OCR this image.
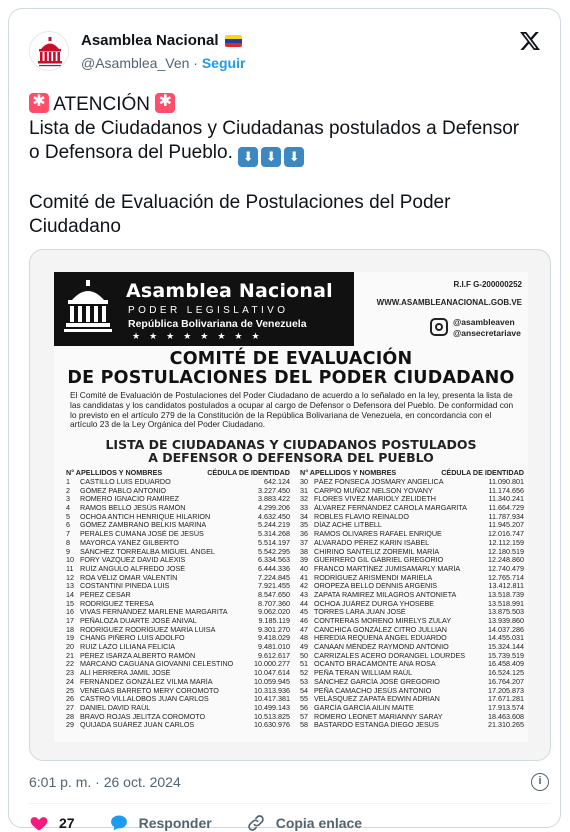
Asamblea Nacional
@Asamblea_Ven · Seguir
✱ ATENCIÓN ✱
Lista de Ciudadanos y Ciudadanas postulados a Defensor
o Defensora del Pueblo. ⬇ ⬇ ⬇
Comité de Evaluación de Postulaciones del Poder
Ciudadano
Asamblea Nacional
PODER LEGISLATIVO
República Bolivariana de Venezuela
★★★★★★★★
R.I.F G-200000252
WWW.ASAMBLEANACIONAL.GOB.VE
@asambleaven
@ansecretariave
COMITÉ DE EVALUACIÓN
DE POSTULACIONES DEL PODER CIUDADANO
El Comité de Evaluación de Postulaciones del Poder Ciudadano de acuerdo a lo señalado en la ley, presenta la lista de las candidatas y los candidatos postulados a ocupar al cargo de Defensor o Defensora del Pueblo. De conformidad con lo previsto en el artículo 279 de la Constitución de la República Bolivariana de Venezuela, en concordancia con el artículo 23 de la Ley Orgánica del Poder Ciudadano.
LISTA DE CIUDADANAS Y CIUDADANOS POSTULADOS
A DEFENSOR O DEFENSORA DEL PUEBLO
N° APELLIDOS Y NOMBRES	CÉDULA DE IDENTIDAD
1	CASTILLO LUIS EDUARDO	642.124
2	GÓMEZ PABLO ANTONIO	3.227.450
3	ROMERO IGNACIO RAMÍREZ	3.883.422
4	RAMOS BELLO JESÚS RAMÓN	4.299.206
5	OCHOA ANTICH HENRIQUE HILARION	4.632.450
6	GÓMEZ ZAMBRANO BELKIS MARINA	5.244.219
7	PERALES CUMANA JOSÉ DE JESÚS	5.314.268
8	MAYORCA YANEZ GILBERTO	5.514.197
9	SÁNCHEZ TORREALBA MIGUEL ÁNGEL	5.542.295
10 FORY VAZQUEZ DAVID ALEXIS	6.334.563
11 RUÍZ ANGULO ALFREDO JOSÉ	6.444.336
12 ROA VÉLIZ OMAR VALENTÍN	7.224.845
13 COSTANTINI PINEDA LUIS	7.921.455
14 PÉREZ CESAR	8.547.650
15 RODRÍGUEZ TERESA	8.707.360
16 VIVAS FERNÁNDEZ MARLENE MARGARITA	9.062.020
17 PEÑALOZA DUARTE JOSÉ ANIVAL	9.185.119
18 RODRÍGUEZ RODRÍGUEZ MARÍA LUISA	9.301.270
19 CHANG PIÑERO LUIS ADOLFO	9.418.029
20 RUIZ LAZO LILIANA FELICIA	9.481.010
21 PÉREZ ISARZA ALBERTO RAMÓN	9.612.617
22 MARCANO CAGUANA GIOVANNI CELESTINO	10.000.277
23 ALI HERRERA JAMIL JOSÉ	10.047.614
24 FERNÁNDEZ GONZÁLEZ VILMA MARÍA	10.059.945
25 VENEGAS BARRETO MERY COROMOTO	10.313.936
26 CASTRO VILLALOBOS JUAN CARLOS	10.417.381
27 DANIEL DAVID RAÚL	10.499.143
28 BRAVO ROJAS JELITZA COROMOTO	10.513.825
29 QUIJADA SUÁREZ JUAN CARLOS	10.630.976
N° APELLIDOS Y NOMBRES	CÉDULA DE IDENTIDAD
30 PÁEZ FONSECA JOSMARY ANGELICA	11.090.801
31 CARPIO MUÑOZ NELSON YOVANY	11.174.656
32 FLORES VIVEZ MARIOLY ZELIDETH	11.340.241
33 ÁLVAREZ FERNÁNDEZ CAROLA MARGARITA	11.664.729
34 ROBLES FLAVIO REINALDO	11.787.934
35 DÍAZ ACHE LITBELL	11.945.207
36 RAMOS OLIVARES RAFAEL ENRIQUE	12.016.747
37 ALVARADO PÉREZ KARIN ISABEL	12.112.159
38 CHIRINO SANTELIZ ZOREMIL MARÍA	12.180.519
39 GUERRERO GIL GABRIEL GREGORIO	12.248.860
40 FRANCO MARTÍNEZ JUMISAMARLY MARÍA	12.740.479
41 RODRÍGUEZ ARISMENDI MARIELA	12.765.714
42 OROPEZA BELLO DENNIS ARGENIS	13.412.811
43 ZAPATA RAMIREZ MILAGROS ANTONIETA	13.518.739
44 OCHOA JUÁREZ DURGA YHOSEBE	13.518.991
45 TORRES LARA JUAN JOSÉ	13.875.503
46 CONTRERAS MORENO MIRELYS ZULAY	13.939.860
47 CANCHICA GONZÁLEZ CITRO JULLIAN	14.037.286
48 HEREDIA REQUENA ÁNGEL EDUARDO	14.455.031
49 CANAAN MÉNDEZ RAYMOND ANTONIO	15.324.144
50 CARRIZALES ACERO DORANGEL LOURDES	15.739.519
51 OCANTO BRACAMONTE ANA ROSA	16.458.409
52 PEÑA TERAN WILLIAM RAÚL	16.524.125
53 SÁNCHEZ GARCÍA JOSÉ GREGORIO	16.764.207
54 PEÑA CAMACHO JESÚS ANTONIO	17.205.873
55 VELÁSQUEZ ZAPATA EDWIN ADRIAN	17.671.281
56 GARCÍA GARCÍA AILIN MAITE	17.913.574
57 ROMERO LEONET MARIANNY SARAY	18.463.608
58 BASTARDO ESTANGA DIEGO JESÚS	21.310.265
6:01 p. m. · 26 oct. 2024	i
27	Responder	Copia enlace
